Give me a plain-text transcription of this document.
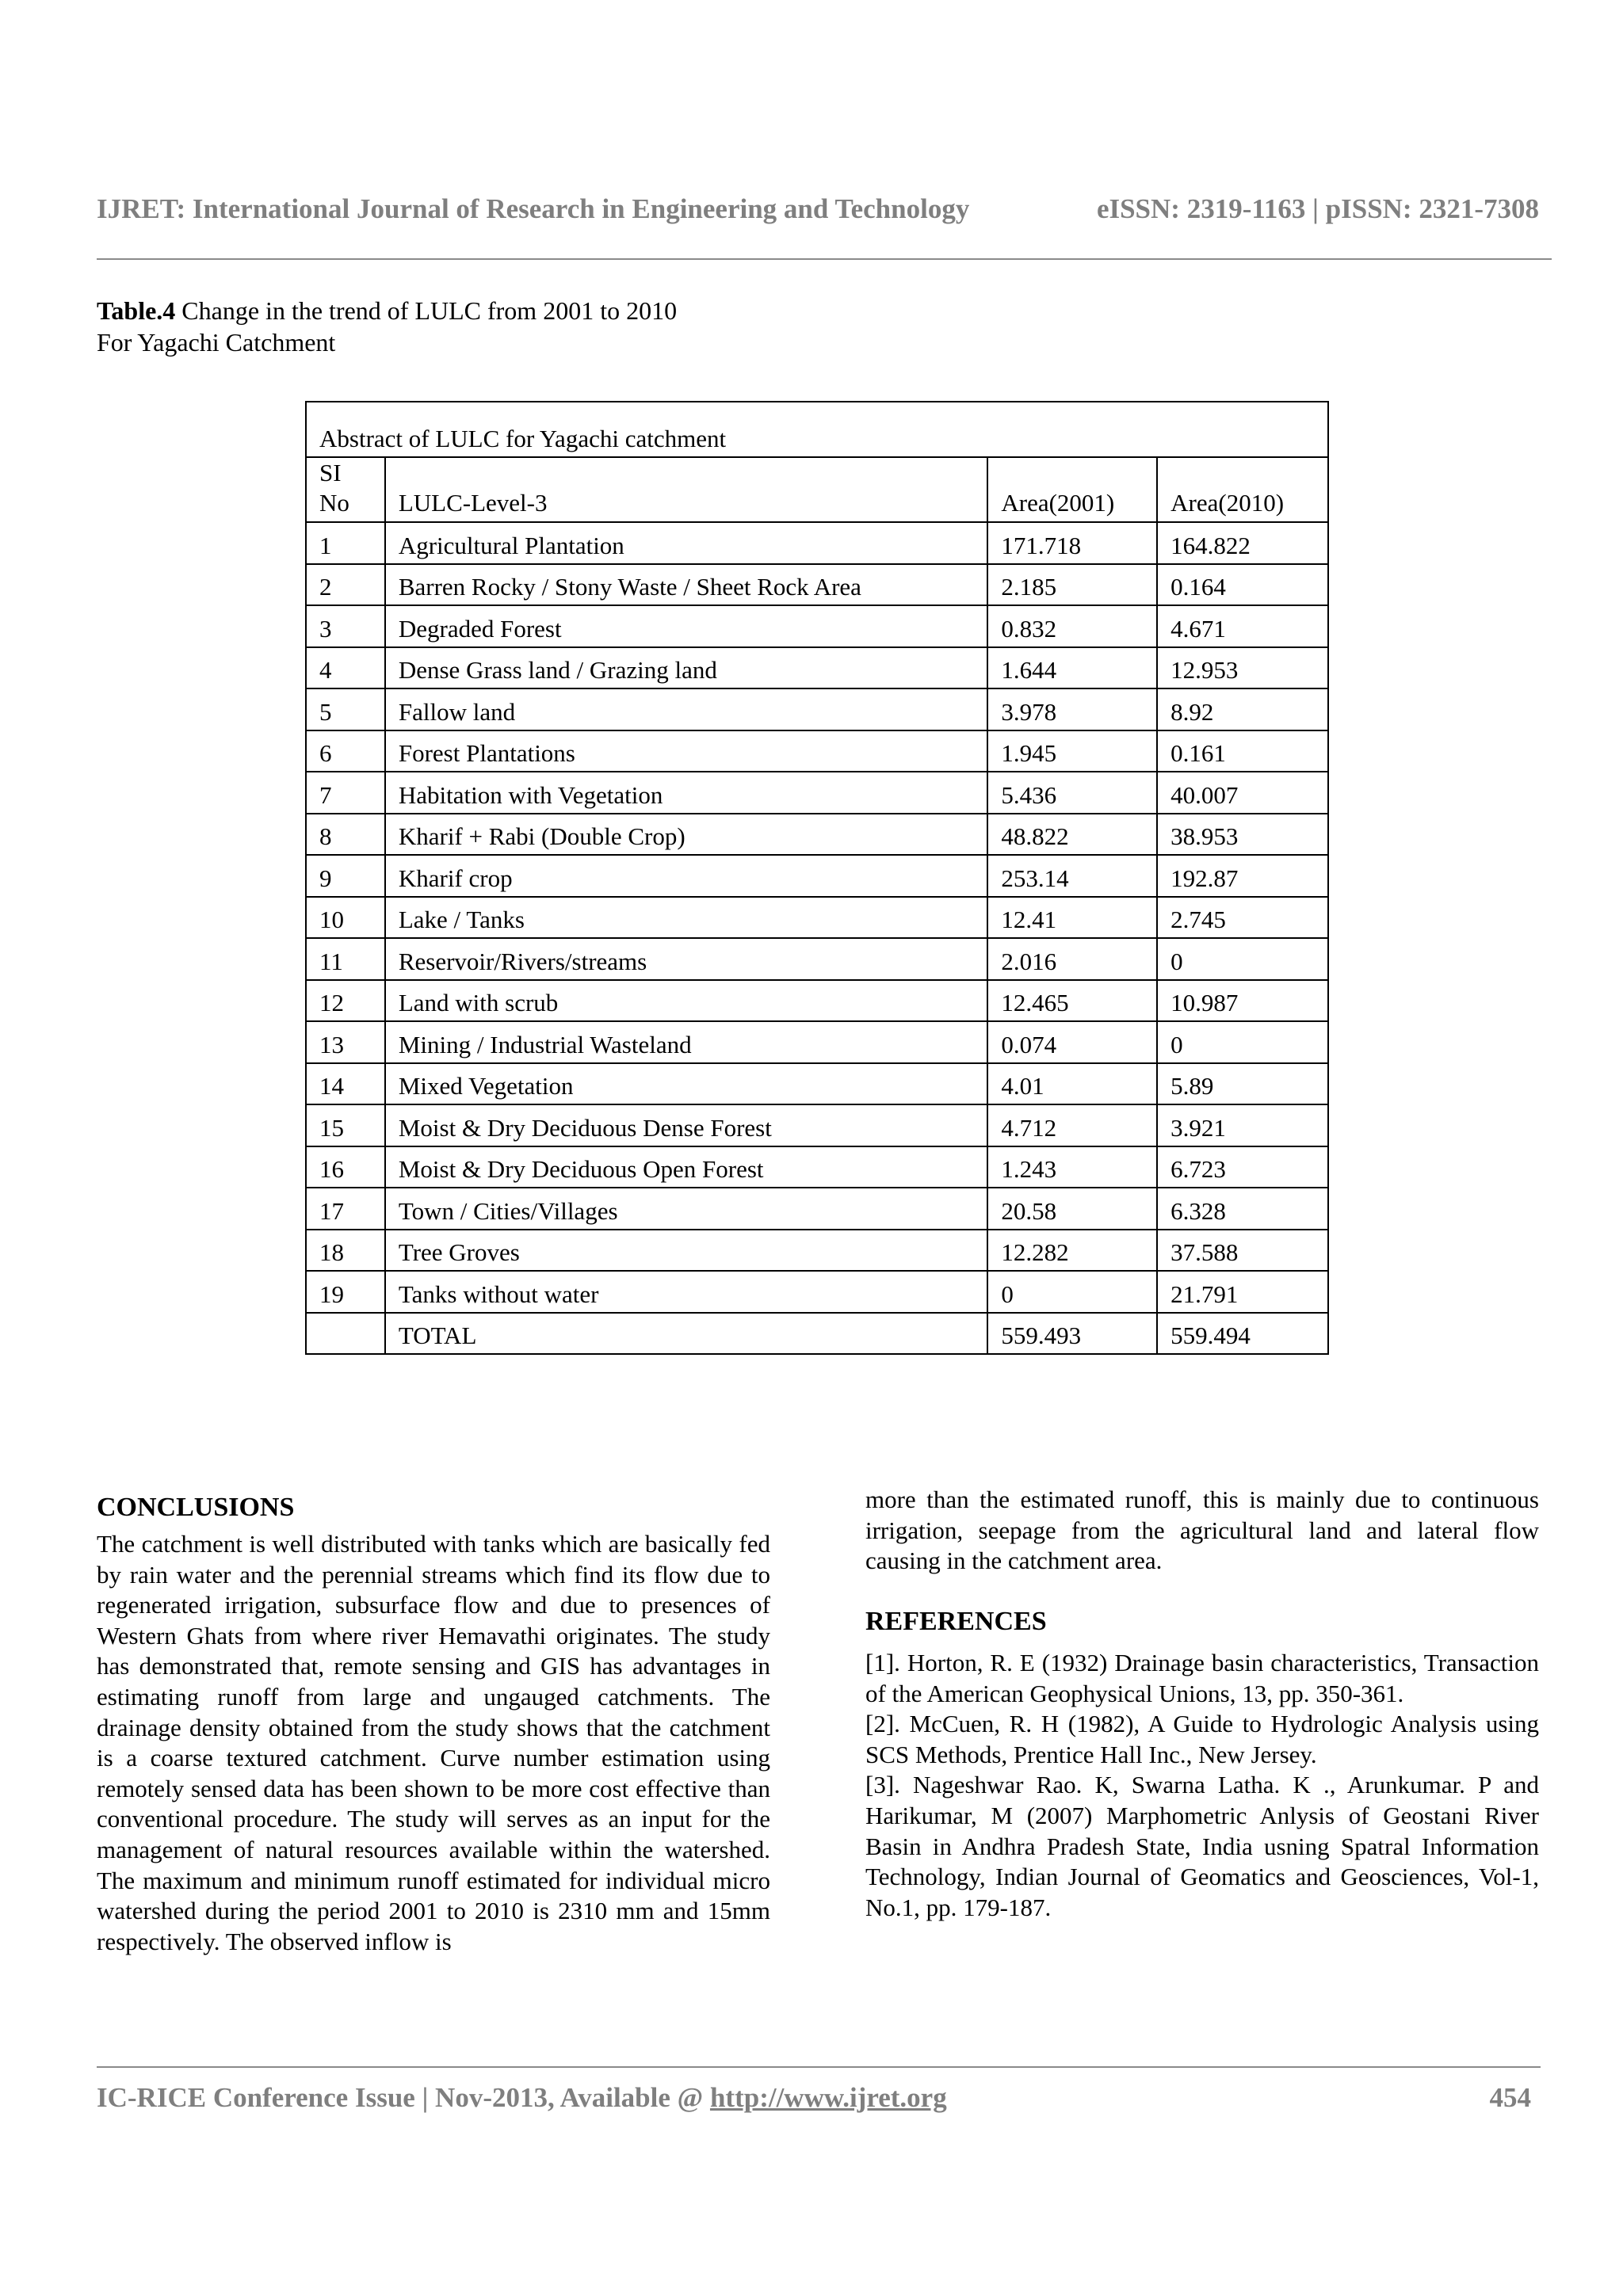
IJRET: International Journal of Research in Engineering and Technology	eISSN: 2319-1163 | pISSN: 2321-7308
Table.4 Change in the trend of LULC from 2001 to 2010
For Yagachi Catchment
Abstract of LULC for Yagachi catchment			
SI
No	LULC-Level-3	Area(2001)	Area(2010)
1	Agricultural Plantation	171.718	164.822
2	Barren Rocky / Stony Waste / Sheet Rock Area	2.185	0.164
3	Degraded Forest	0.832	4.671
4	Dense Grass land / Grazing land	1.644	12.953
5	Fallow land	3.978	8.92
6	Forest Plantations	1.945	0.161
7	Habitation with Vegetation	5.436	40.007
8	Kharif + Rabi (Double Crop)	48.822	38.953
9	Kharif crop	253.14	192.87
10	Lake / Tanks	12.41	2.745
11	Reservoir/Rivers/streams	2.016	0
12	Land with scrub	12.465	10.987
13	Mining / Industrial Wasteland	0.074	0
14	Mixed Vegetation	4.01	5.89
15	Moist & Dry Deciduous Dense Forest	4.712	3.921
16	Moist & Dry Deciduous Open Forest	1.243	6.723
17	Town / Cities/Villages	20.58	6.328
18	Tree Groves	12.282	37.588
19	Tanks without water	0	21.791
	TOTAL	559.493	559.494
CONCLUSIONS

The catchment is well distributed with tanks which are basically fed by rain water and the perennial streams which find its flow due to regenerated irrigation, subsurface flow and due to presences of Western Ghats from where river Hemavathi originates. The study has demonstrated that, remote sensing and GIS has advantages in estimating runoff from large and ungauged catchments. The drainage density obtained from the study shows that the catchment is a coarse textured catchment. Curve number estimation using remotely sensed data has been shown to be more cost effective than conventional procedure. The study will serves as an input for the management of natural resources available within the watershed. The maximum and minimum runoff estimated for individual micro watershed during the period 2001 to 2010 is 2310 mm and 15mm respectively. The observed inflow is

more than the estimated runoff, this is mainly due to continuous irrigation, seepage from the agricultural land and lateral flow causing in the catchment area.

REFERENCES

[1]. Horton, R. E (1932) Drainage basin characteristics, Transaction of the American Geophysical Unions, 13, pp. 350-361.

[2]. McCuen, R. H (1982), A Guide to Hydrologic Analysis using SCS Methods, Prentice Hall Inc., New Jersey.

[3]. Nageshwar Rao. K, Swarna Latha. K ., Arunkumar. P and Harikumar, M (2007) Marphometric Anlysis of Geostani River Basin in Andhra Pradesh State, India usning Spatral Information Technology, Indian Journal of Geomatics and Geosciences, Vol-1, No.1, pp. 179-187.

IC-RICE Conference Issue | Nov-2013, Available @ http://www.ijret.org	454
